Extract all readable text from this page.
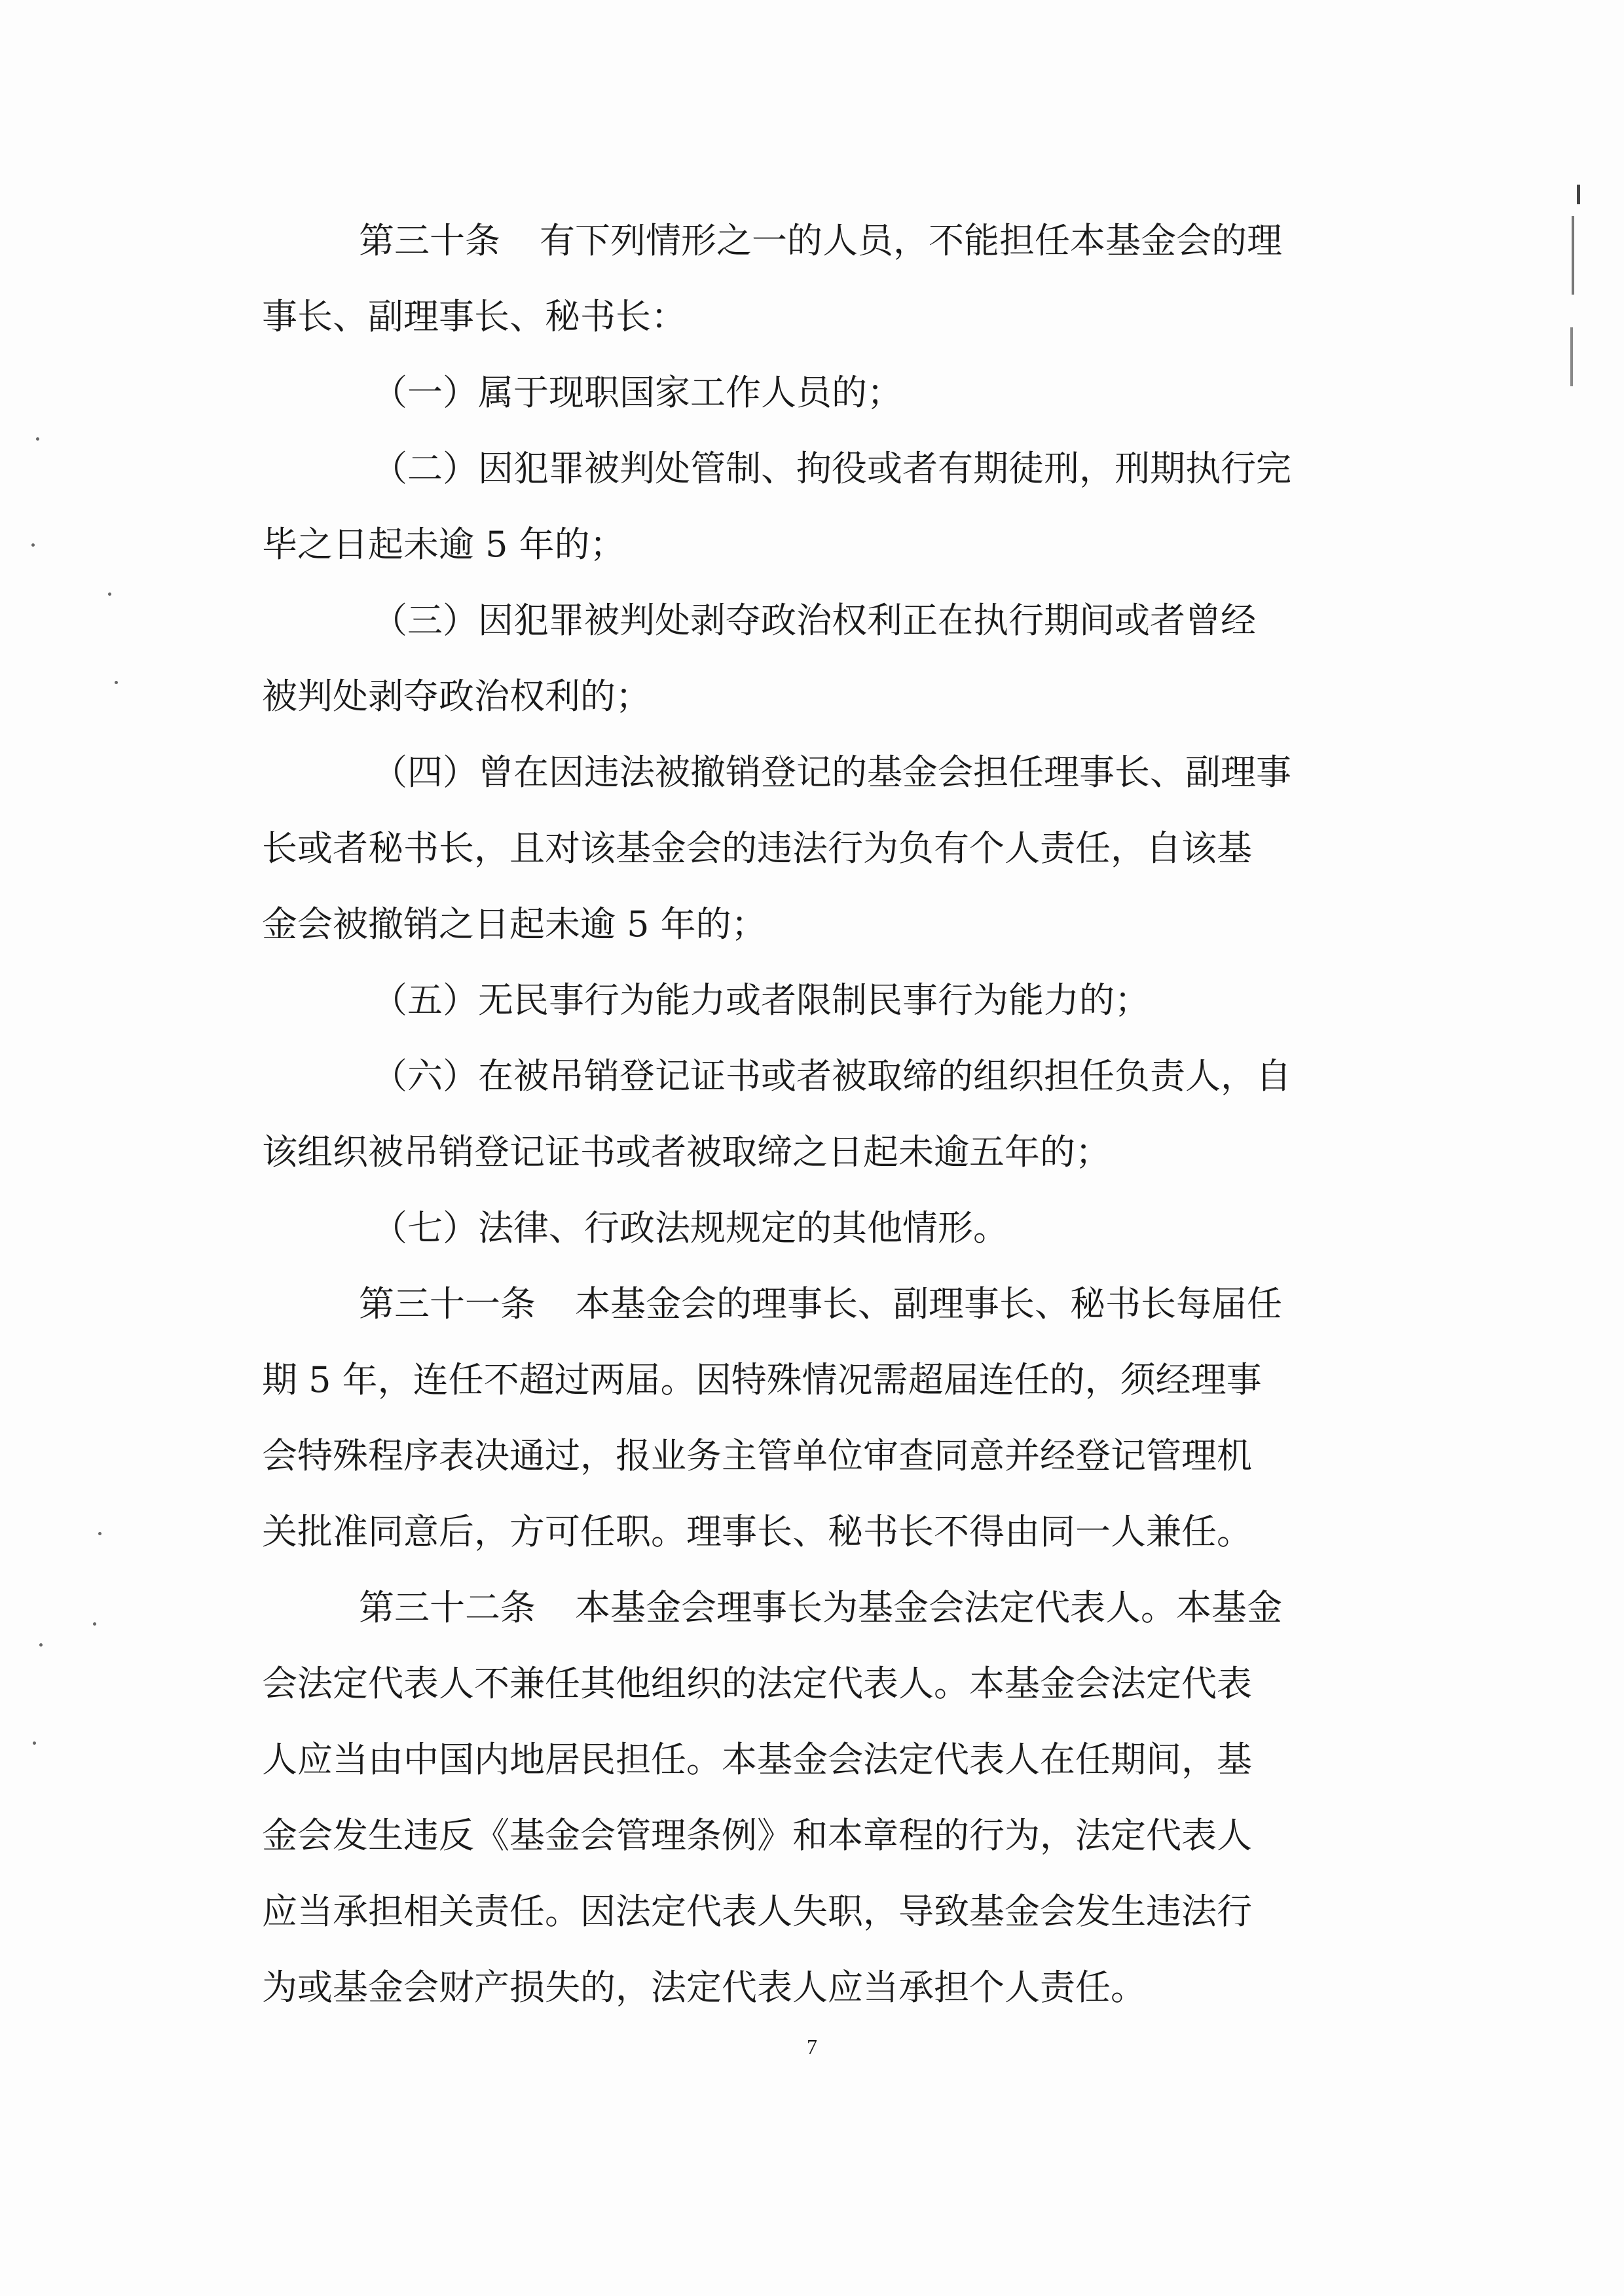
第三十条 有下列情形之一的人员，不能担任本基金会的理
事长、副理事长、秘书长：
（一）属于现职国家工作人员的；
（二）因犯罪被判处管制、拘役或者有期徒刑，刑期执行完
毕之日起未逾 5 年的；
（三）因犯罪被判处剥夺政治权利正在执行期间或者曾经
被判处剥夺政治权利的；
（四）曾在因违法被撤销登记的基金会担任理事长、副理事
长或者秘书长，且对该基金会的违法行为负有个人责任，自该基
金会被撤销之日起未逾 5 年的；
（五）无民事行为能力或者限制民事行为能力的；
（六）在被吊销登记证书或者被取缔的组织担任负责人，自
该组织被吊销登记证书或者被取缔之日起未逾五年的；
（七）法律、行政法规规定的其他情形。
第三十一条 本基金会的理事长、副理事长、秘书长每届任
期 5 年，连任不超过两届。因特殊情况需超届连任的，须经理事
会特殊程序表决通过，报业务主管单位审查同意并经登记管理机
关批准同意后，方可任职。理事长、秘书长不得由同一人兼任。
第三十二条 本基金会理事长为基金会法定代表人。本基金
会法定代表人不兼任其他组织的法定代表人。本基金会法定代表
人应当由中国内地居民担任。本基金会法定代表人在任期间，基
金会发生违反《基金会管理条例》和本章程的行为，法定代表人
应当承担相关责任。因法定代表人失职，导致基金会发生违法行
为或基金会财产损失的，法定代表人应当承担个人责任。
7
